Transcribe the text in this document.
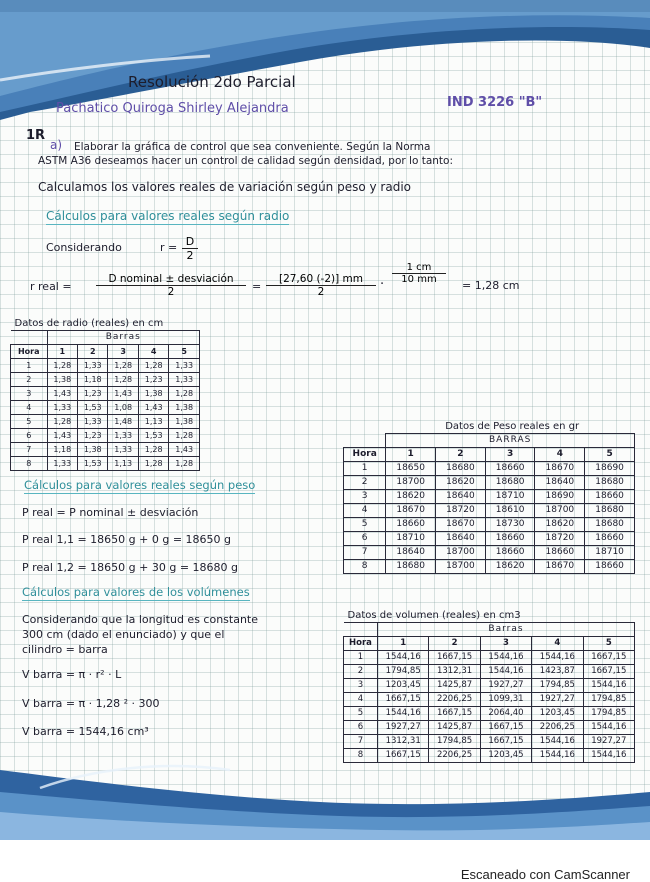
Resolución 2do Parcial
Pachatico Quiroga Shirley Alejandra	IND 3226 "B"
1R
a) Elaborar la gráfica de control que sea conveniente. Según la Norma
ASTM A36 deseamos hacer un control de calidad según densidad, por lo tanto:
Calculamos los valores reales de variación según peso y radio
Cálculos para valores reales según radio
Considerando	$r = \frac{D}{2}$
r real =
D nominal ± desviación
2	= $\frac{[27,60 (-2)] mm}{2} \cdot \frac{1 cm}{10 mm}$
= 1,28 cm
Datos de radio (reales) en cm					
	Barras				
Hora	1	2	3	4	5
1	1,28	1,33	1,28	1,28	1,33
2	1,38	1,18	1,28	1,23	1,33
3	1,43	1,23	1,43	1,38	1,28
4	1,33	1,53	1,08	1,43	1,38
5	1,28	1,33	1,48	1,13	1,38
6	1,43	1,23	1,33	1,53	1,28
7	1,18	1,38	1,33	1,28	1,43
8	1,33	1,53	1,13	1,28	1,28
	Datos de Peso reales en gr				
	BARRAS				
Hora	1	2	3	4	5
1	18650	18680	18660	18670	18690
2	18700	18620	18680	18640	18680
3	18620	18640	18710	18690	18660
4	18670	18720	18610	18700	18680
5	18660	18670	18730	18620	18680
6	18710	18640	18660	18720	18660
7	18640	18700	18660	18660	18710
8	18680	18700	18620	18670	18660
Cálculos para valores reales según peso
P real = P nominal ± desviación
P real 1,1 = 18650 g + 0 g = 18650 g
P real 1,2 = 18650 g + 30 g = 18680 g
Cálculos para valores de los volúmenes
Considerando que la longitud es constante
300 cm (dado el enunciado) y que el
cilindro = barra
V barra = π · r² · L
V barra = π · 1,28 ² · 300
V barra = 1544,16 cm³
Datos de volumen (reales) en cm3					
	Barras				
Hora	1	2	3	4	5
1	1544,16	1667,15	1544,16	1544,16	1667,15
2	1794,85	1312,31	1544,16	1423,87	1667,15
3	1203,45	1425,87	1927,27	1794,85	1544,16
4	1667,15	2206,25	1099,31	1927,27	1794,85
5	1544,16	1667,15	2064,40	1203,45	1794,85
6	1927,27	1425,87	1667,15	2206,25	1544,16
7	1312,31	1794,85	1667,15	1544,16	1927,27
8	1667,15	2206,25	1203,45	1544,16	1544,16
Escaneado con CamScanner
